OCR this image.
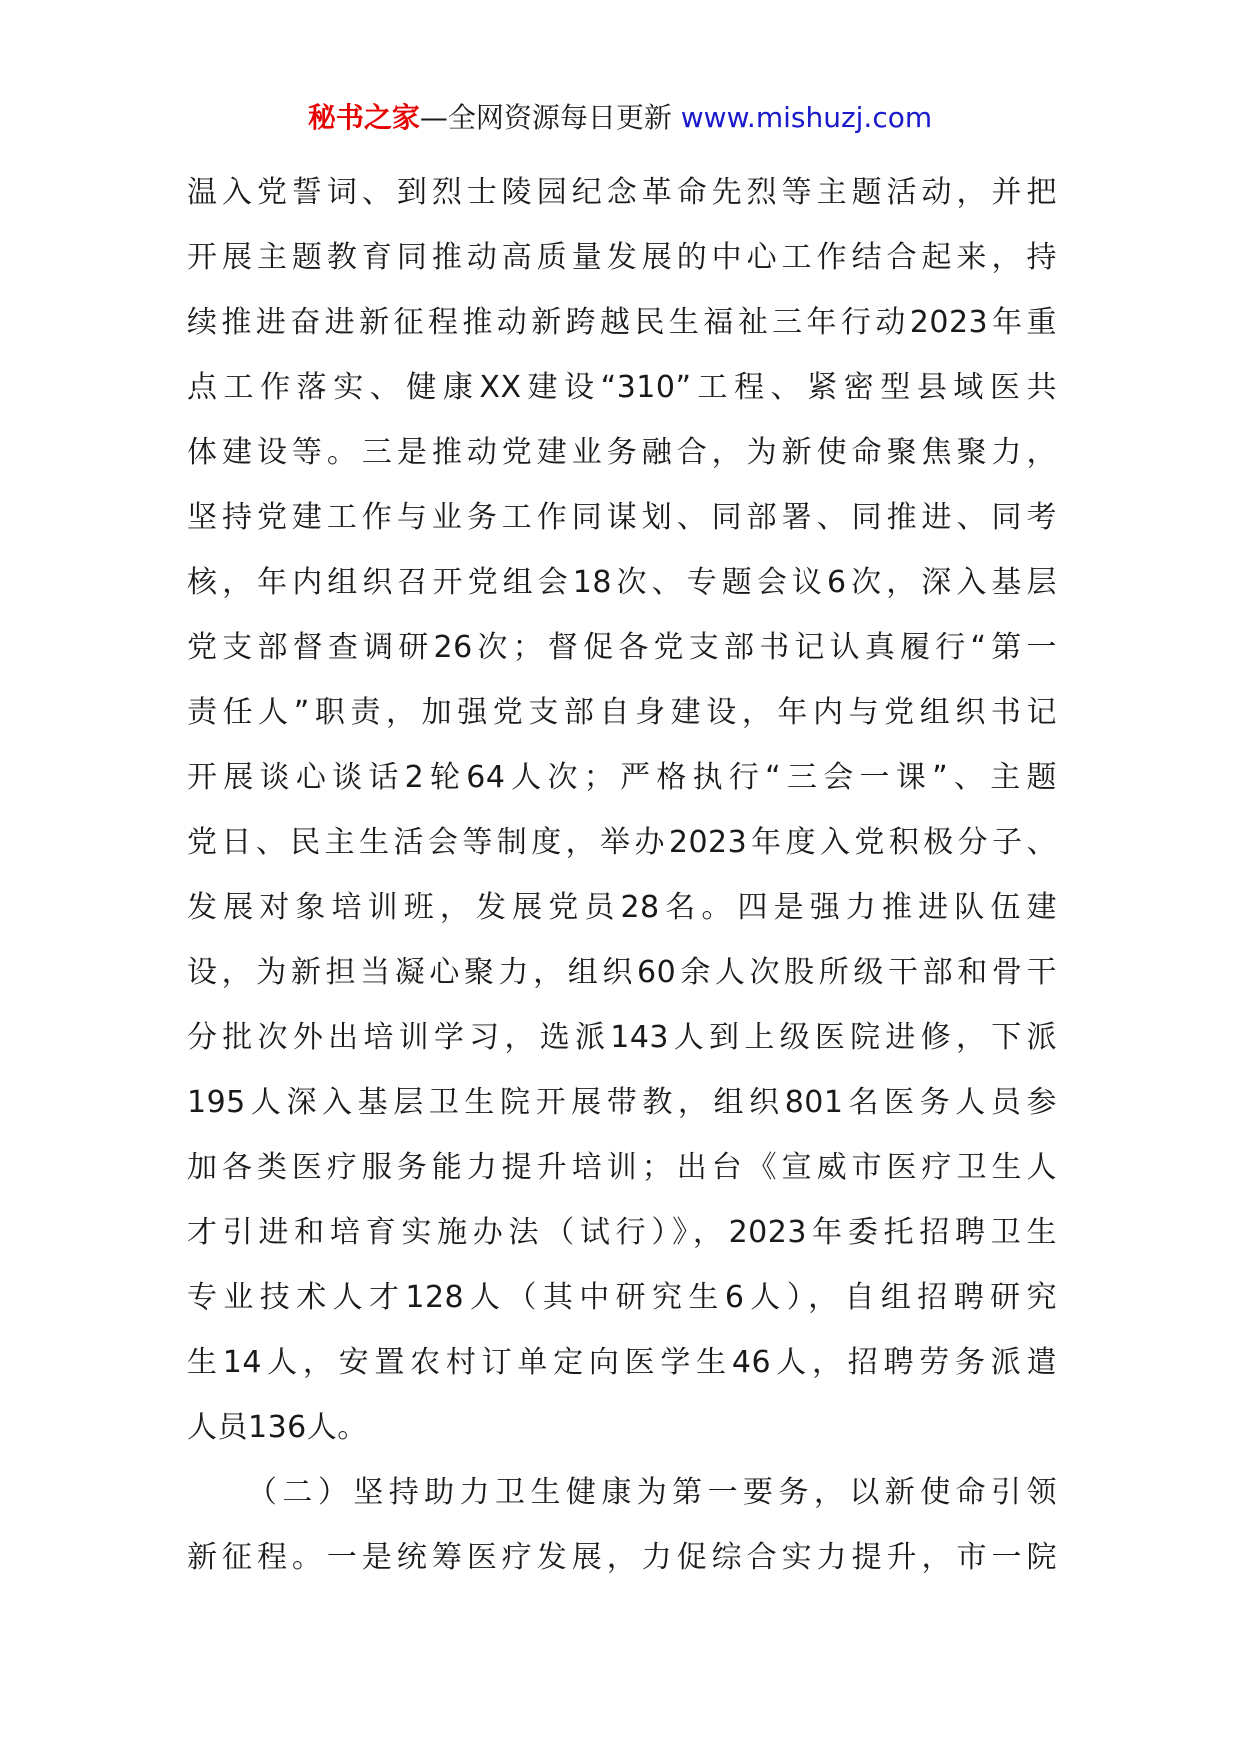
秘书之家—全网资源每日更新 www.mishuzj.com
温入党誓词、到烈士陵园纪念革命先烈等主题活动，并把
开展主题教育同推动高质量发展的中心工作结合起来，持
续推进奋进新征程推动新跨越民生福祉三年行动2023年重
点工作落实、健康XX建设“310”工程、紧密型县域医共
体建设等。三是推动党建业务融合，为新使命聚焦聚力，
坚持党建工作与业务工作同谋划、同部署、同推进、同考
核，年内组织召开党组会18次、专题会议6次，深入基层
党支部督查调研26次；督促各党支部书记认真履行“第一
责任人”职责，加强党支部自身建设，年内与党组织书记
开展谈心谈话2轮64人次；严格执行“三会一课”、主题
党日、民主生活会等制度，举办2023年度入党积极分子、
发展对象培训班，发展党员28名。四是强力推进队伍建
设，为新担当凝心聚力，组织60余人次股所级干部和骨干
分批次外出培训学习，选派143人到上级医院进修，下派
195人深入基层卫生院开展带教，组织801名医务人员参
加各类医疗服务能力提升培训；出台《宣威市医疗卫生人
才引进和培育实施办法（试行）》，2023年委托招聘卫生
专业技术人才128人（其中研究生6人），自组招聘研究
生14人，安置农村订单定向医学生46人，招聘劳务派遣
人员136人。
（二）坚持助力卫生健康为第一要务，以新使命引领
新征程。一是统筹医疗发展，力促综合实力提升，市一院
